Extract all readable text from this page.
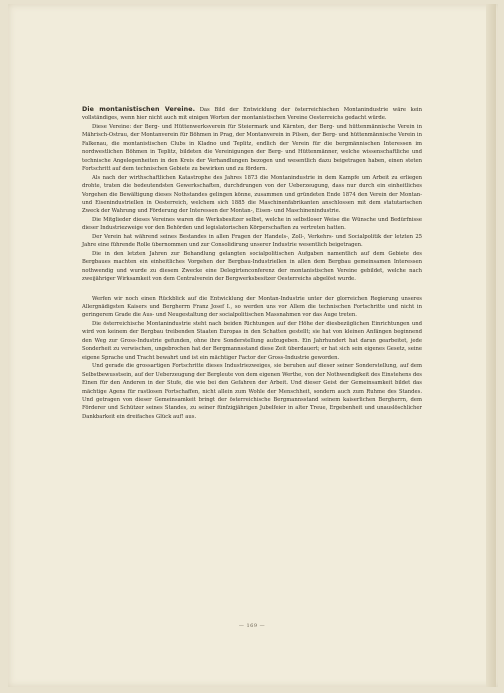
Die montanistischen Vereine. Das Bild der Entwicklung der österreichischen Montanindustrie wäre kein vollständiges, wenn hier nicht auch mit einigen Worten der montanistischen Vereine Oesterreichs gedacht würde.

Diese Vereine: der Berg- und Hüttenwerksverein für Steiermark und Kärnten, der Berg- und hüttenmännische Verein in Mährisch-Ostrau, der Montanverein für Böhmen in Prag, der Montanverein in Pilsen, der Berg- und hüttenmännische Verein in Falkenau, die montanistischen Clubs in Kladno und Teplitz, endlich der Verein für die bergmännischen Interessen im nordwestlichen Böhmen in Teplitz, bildeten die Vereinigungen der Berg- und Hüttenmänner, welche wissenschaftliche und technische Angelegenheiten in den Kreis der Verhandlungen bezogen und wesentlich dazu beigetragen haben, einen steten Fortschritt auf dem technischen Gebiete zu bewirken und zu fördern.

Als nach der wirthschaftlichen Katastrophe des Jahres 1873 die Montanindustrie in dem Kampfe um Arbeit zu erliegen drohte, traten die bedeutendsten Gewerkschaften, durchdrungen von der Ueberzeugung, dass nur durch ein einheitliches Vorgehen die Bewältigung dieses Nothstandes gelingen könne, zusammen und gründeten Ende 1874 den Verein der Montan- und Eisenindustriellen in Oesterreich, welchem sich 1885 die Maschinenfabrikanten anschlossen mit dem statutarischen Zweck der Wahrung und Förderung der Interessen der Montan-, Eisen- und Maschinenindustrie.

Die Mitglieder dieses Vereines waren die Werksbesitzer selbst, welche in selbstloser Weise die Wünsche und Bedürfnisse dieser Industriezweige vor den Behörden und legislatorischen Körperschaften zu vertreten hatten.

Der Verein hat während seines Bestandes in allen Fragen der Handels-, Zoll-, Verkehrs- und Socialpolitik der letzten 25 Jahre eine führende Rolle übernommen und zur Consolidirung unserer Industrie wesentlich beigetragen.

Die in den letzten Jahren zur Behandlung gelangten socialpolitischen Aufgaben namentlich auf dem Gebiete des Bergbaues machten ein einheitliches Vorgehen der Bergbau-Industriellen in allen dem Bergbau gemeinsamen Interessen nothwendig und wurde zu diesem Zwecke eine Delegirtenconferenz der montanistischen Vereine gebildet, welche nach zweijähriger Wirksamkeit von dem Centralverein der Bergwerksbesitzer Oesterreichs abgelöst wurde.

Werfen wir noch einen Rückblick auf die Entwicklung der Montan-Industrie unter der glorreichen Regierung unseres Allergnädigsten Kaisers und Bergherrn Franz Josef I., so werden uns vor Allem die technischen Fortschritte und nicht in geringerem Grade die Aus- und Neugestaltung der socialpolitischen Massnahmen vor das Auge treten.

Die österreichische Montanindustrie steht nach beiden Richtungen auf der Höhe der diesbezüglichen Einrichtungen und wird von keinem der Bergbau treibenden Staaten Europas in den Schatten gestellt; sie hat von kleinen Anfängen beginnend den Weg zur Gross-Industrie gefunden, ohne ihre Sonderstellung aufzugeben. Ein Jahrhundert hat daran gearbeitet, jede Sonderheit zu verwischen, ungebrochen hat der Bergmannsstand diese Zeit überdauert; er hat sich sein eigenes Gesetz, seine eigene Sprache und Tracht bewahrt und ist ein mächtiger Factor der Gross-Industrie geworden.

Und gerade die grossartigen Fortschritte dieses Industriezweiges, sie beruhen auf dieser seiner Sonderstellung, auf dem Selbstbewusstsein, auf der Ueberzeugung der Bergleute von dem eigenen Werthe, von der Nothwendigkeit des Einstehens des Einen für den Anderen in der Stufe, die wie bei den Gefahren der Arbeit. Und dieser Geist der Gemeinsamkeit bildet das mächtige Agens für rastlosen Fortschaffen, nicht allein zum Wohle der Menschheit, sondern auch zum Ruhme des Standes. Und getragen von dieser Gemeinsamkeit bringt der österreichische Bergmannsstand seinem kaiserlichen Bergherrn, dem Förderer und Schützer seines Standes, zu seiner fünfzigjährigen Jubelfeier in alter Treue, Ergebenheit und unauslöschlicher Dankbarkeit ein dreifaches Glück auf! aus.

— 169 —
